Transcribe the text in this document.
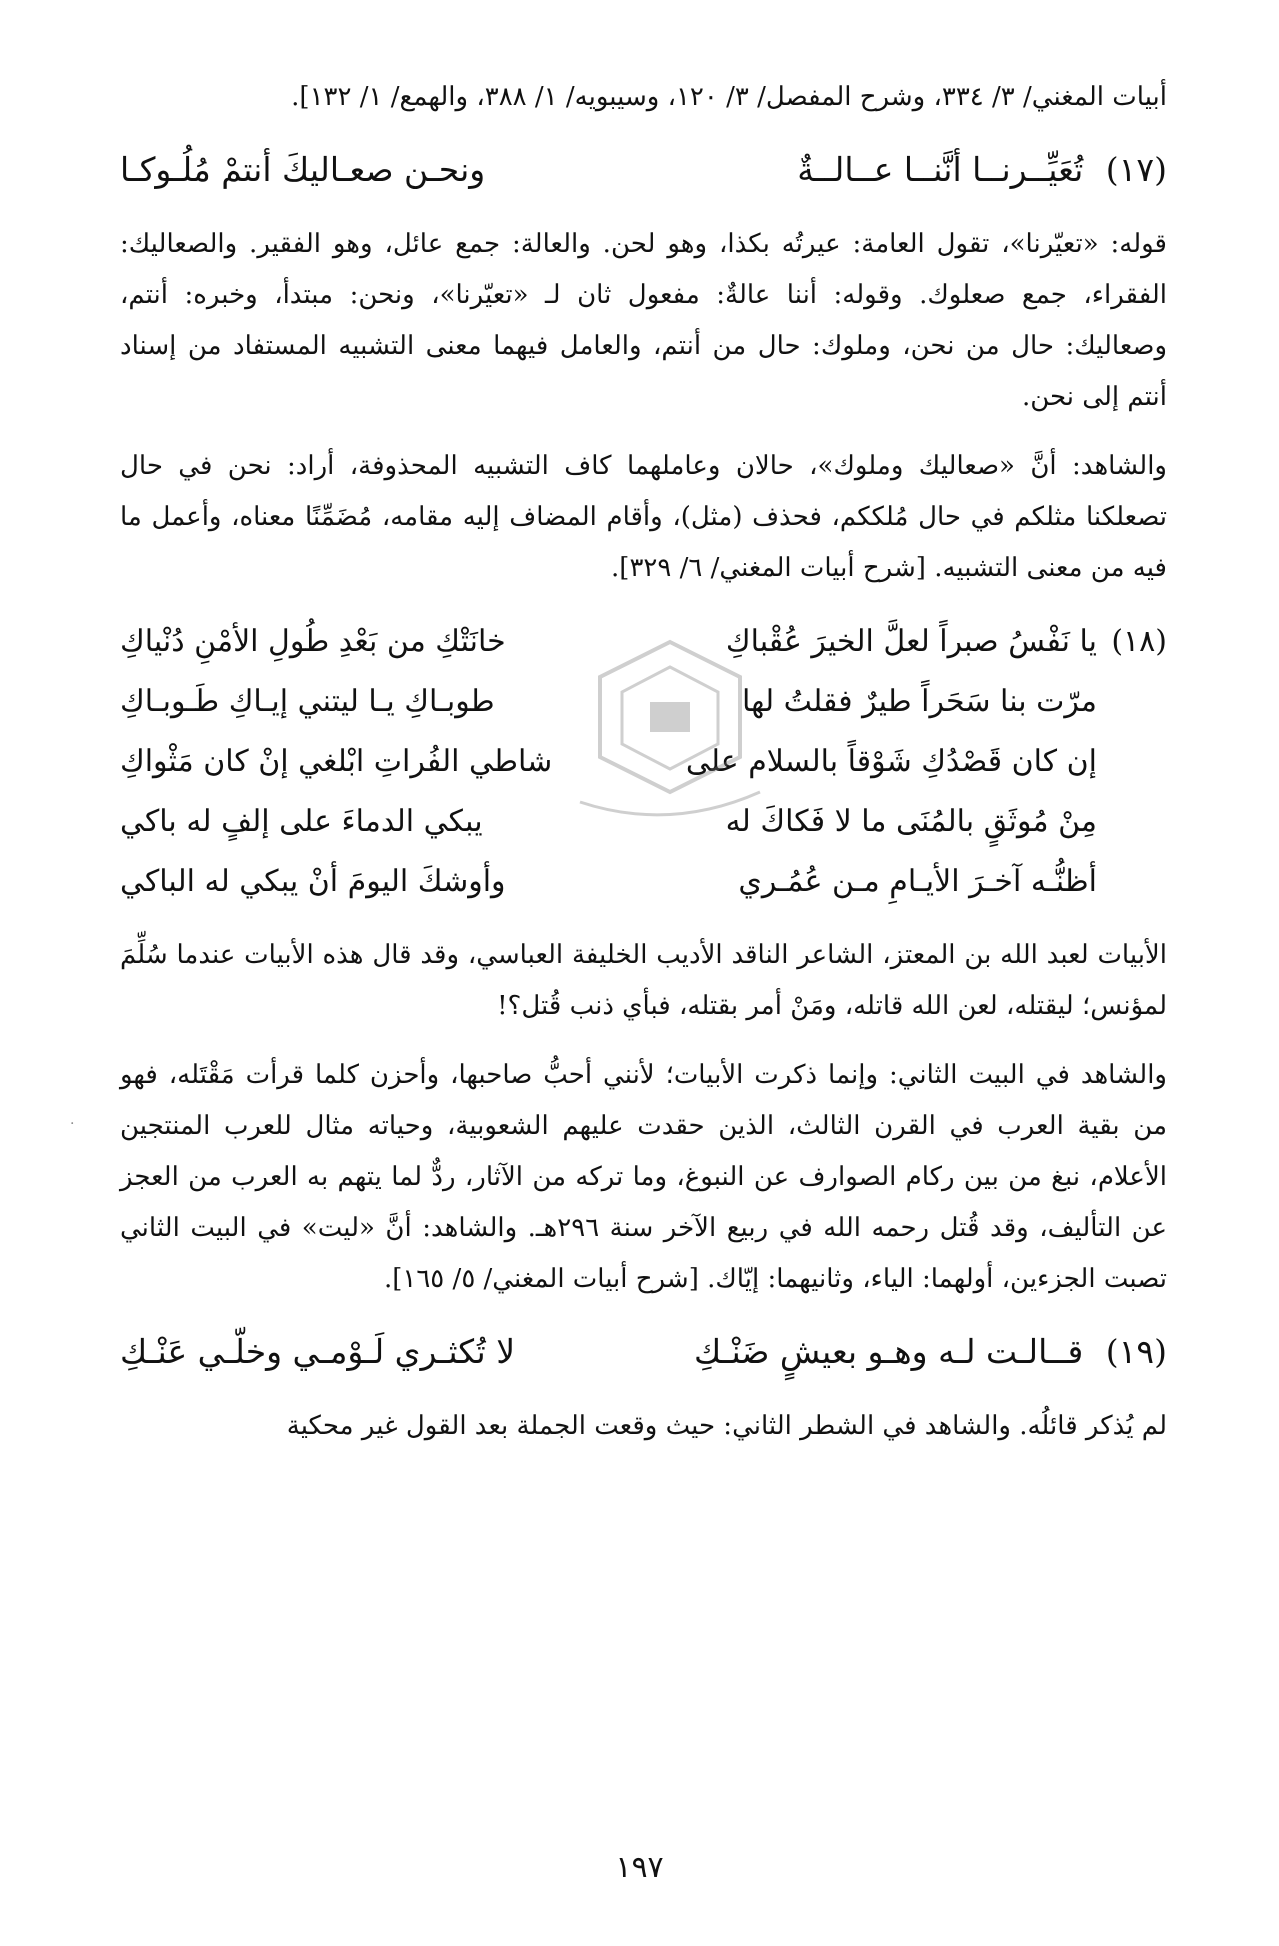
أبيات المغني/ ٣/ ٣٣٤، وشرح المفصل/ ٣/ ١٢٠، وسيبويه/ ١/ ٣٨٨، والهمع/ ١/ ١٣٢].

(١٧) تُعَيِّــرنــا أنَّنــا عــالــةٌ
ونحـن صعـاليكَ أنتمْ مُلُـوكـا

قوله: «تعيّرنا»، تقول العامة: عيرتُه بكذا، وهو لحن. والعالة: جمع عائل، وهو الفقير. والصعاليك: الفقراء، جمع صعلوك. وقوله: أننا عالةٌ: مفعول ثان لـ «تعيّرنا»، ونحن: مبتدأ، وخبره: أنتم، وصعاليك: حال من نحن، وملوك: حال من أنتم، والعامل فيهما معنى التشبيه المستفاد من إسناد أنتم إلى نحن.

والشاهد: أنَّ «صعاليك وملوك»، حالان وعاملهما كاف التشبيه المحذوفة، أراد: نحن في حال تصعلكنا مثلكم في حال مُلككم، فحذف (مثل)، وأقام المضاف إليه مقامه، مُضَمِّنًا معناه، وأعمل ما فيه من معنى التشبيه. [شرح أبيات المغني/ ٦/ ٣٢٩].

(١٨)
يا نَفْسُ صبراً لعلَّ الخيرَ عُقْباكِ
خانَتْكِ من بَعْدِ طُولِ الأمْنِ دُنْياكِ
مرّت بنا سَحَراً طيرٌ فقلتُ لها
طوبـاكِ يـا ليتني إيـاكِ طَـوبـاكِ
إن كان قَصْدُكِ شَوْقاً بالسلام على
شاطي الفُراتِ ابْلغي إنْ كان مَثْواكِ
مِنْ مُوثَقٍ بالمُنَى ما لا فَكاكَ له
يبكي الدماءَ على إلفٍ له باكي
أظنُّـه آخـرَ الأيـامِ مـن عُمُـري
وأوشكَ اليومَ أنْ يبكي له الباكي

الأبيات لعبد الله بن المعتز، الشاعر الناقد الأديب الخليفة العباسي، وقد قال هذه الأبيات عندما سُلِّمَ لمؤنس؛ ليقتله، لعن الله قاتله، ومَنْ أمر بقتله، فبأي ذنب قُتل؟!

والشاهد في البيت الثاني: وإنما ذكرت الأبيات؛ لأنني أحبُّ صاحبها، وأحزن كلما قرأت مَقْتَله، فهو من بقية العرب في القرن الثالث، الذين حقدت عليهم الشعوبية، وحياته مثال للعرب المنتجين الأعلام، نبغ من بين ركام الصوارف عن النبوغ، وما تركه من الآثار، ردٌّ لما يتهم به العرب من العجز عن التأليف، وقد قُتل رحمه الله في ربيع الآخر سنة ٢٩٦هـ. والشاهد: أنَّ «ليت» في البيت الثاني تصبت الجزءين، أولهما: الياء، وثانيهما: إيّاك. [شرح أبيات المغني/ ٥/ ١٦٥].

(١٩) قــالـت لـه وهـو بعيشٍ ضَنْـكِ
لا تُكثـري لَـوْمـي وخلّـي عَنْـكِ

لم يُذكر قائلُه. والشاهد في الشطر الثاني: حيث وقعت الجملة بعد القول غير محكية

·
١٩٧
